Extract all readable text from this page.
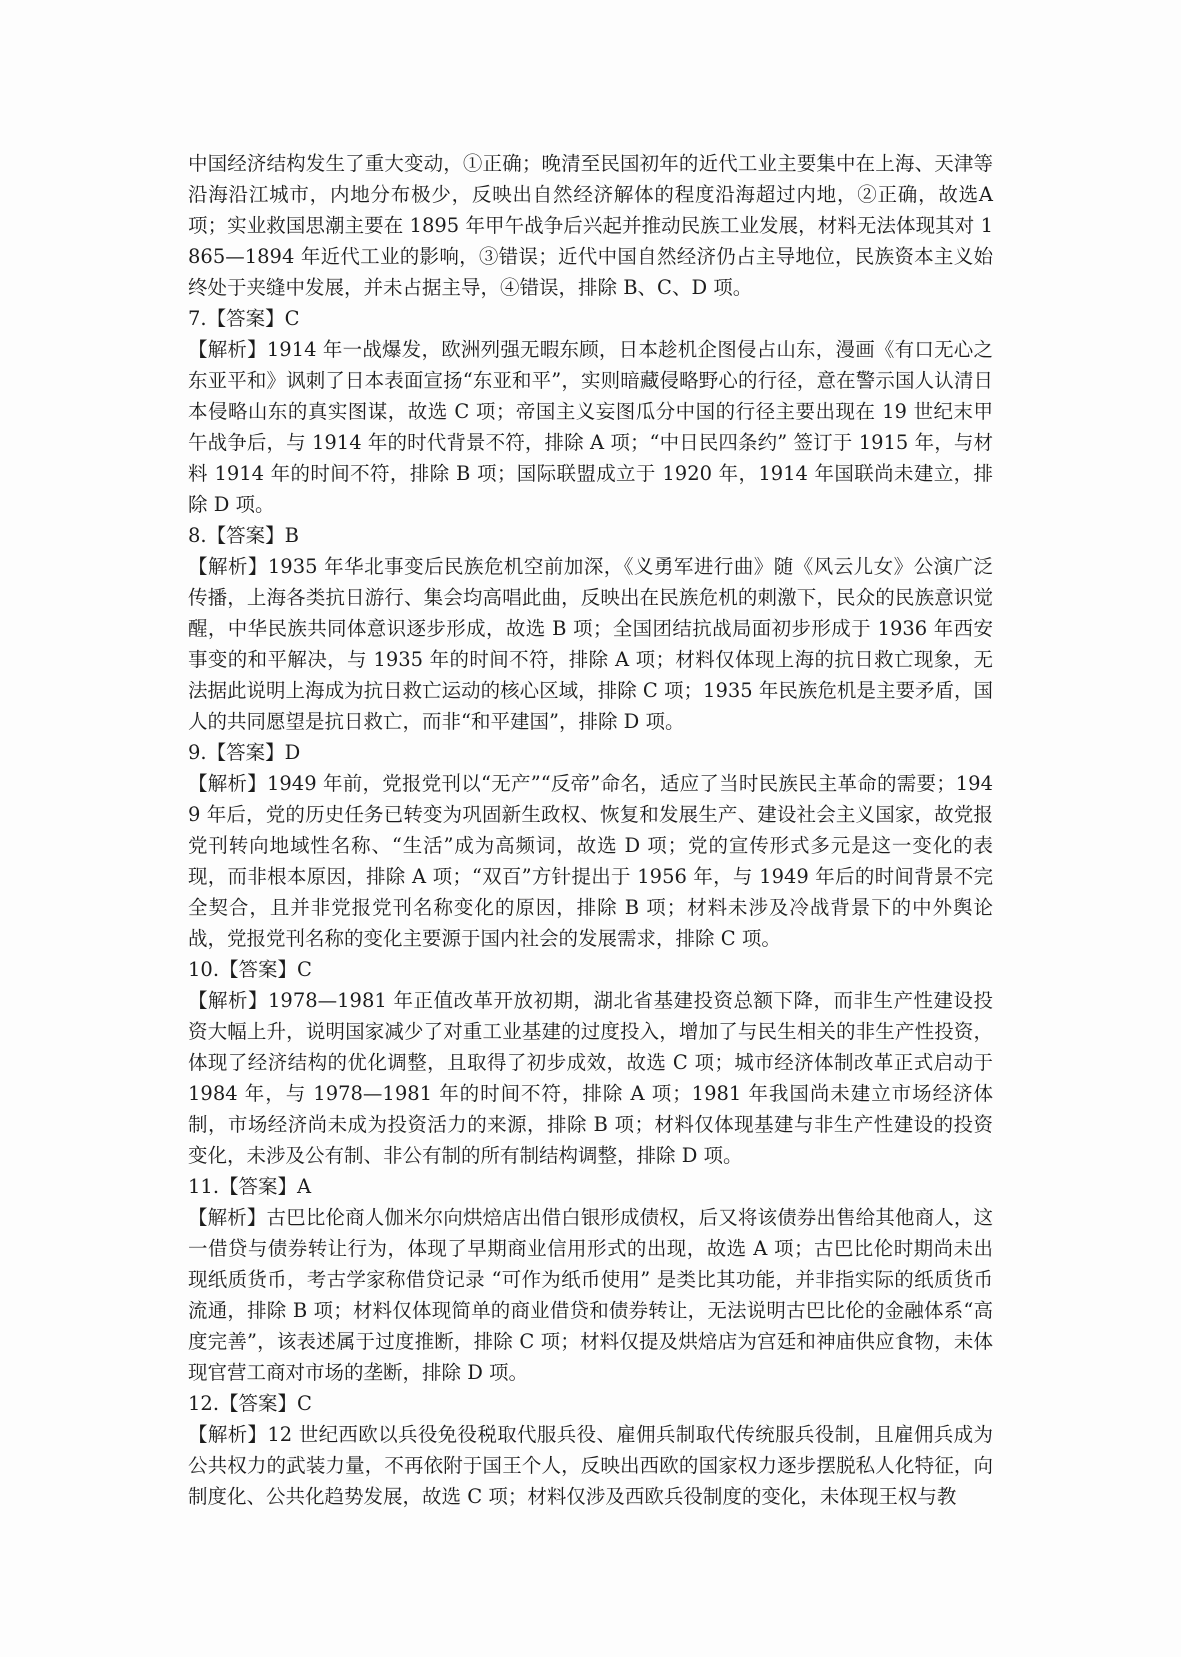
中国经济结构发生了重大变动，①正确；晚清至民国初年的近代工业主要集中在上海、天津等沿海沿江城市，内地分布极少，反映出自然经济解体的程度沿海超过内地，②正确，故选A 项；实业救国思潮主要在 1895 年甲午战争后兴起并推动民族工业发展，材料无法体现其对 1865—1894 年近代工业的影响，③错误；近代中国自然经济仍占主导地位，民族资本主义始终处于夹缝中发展，并未占据主导，④错误，排除 B、C、D 项。

7.【答案】C

【解析】1914 年一战爆发，欧洲列强无暇东顾，日本趁机企图侵占山东，漫画《有口无心之东亚平和》讽刺了日本表面宣扬“东亚和平”，实则暗藏侵略野心的行径，意在警示国人认清日本侵略山东的真实图谋，故选 C 项；帝国主义妄图瓜分中国的行径主要出现在 19 世纪末甲午战争后，与 1914 年的时代背景不符，排除 A 项；“中日民四条约” 签订于 1915 年，与材料 1914 年的时间不符，排除 B 项；国际联盟成立于 1920 年，1914 年国联尚未建立，排除 D 项。

8.【答案】B

【解析】1935 年华北事变后民族危机空前加深，《义勇军进行曲》随《风云儿女》公演广泛传播，上海各类抗日游行、集会均高唱此曲，反映出在民族危机的刺激下，民众的民族意识觉醒，中华民族共同体意识逐步形成，故选 B 项；全国团结抗战局面初步形成于 1936 年西安事变的和平解决，与 1935 年的时间不符，排除 A 项；材料仅体现上海的抗日救亡现象，无法据此说明上海成为抗日救亡运动的核心区域，排除 C 项；1935 年民族危机是主要矛盾，国人的共同愿望是抗日救亡，而非“和平建国”，排除 D 项。

9.【答案】D

【解析】1949 年前，党报党刊以“无产”“反帝”命名，适应了当时民族民主革命的需要；1949 年后，党的历史任务已转变为巩固新生政权、恢复和发展生产、建设社会主义国家，故党报党刊转向地域性名称、“生活”成为高频词，故选 D 项；党的宣传形式多元是这一变化的表现，而非根本原因，排除 A 项；“双百”方针提出于 1956 年，与 1949 年后的时间背景不完全契合，且并非党报党刊名称变化的原因，排除 B 项；材料未涉及冷战背景下的中外舆论战，党报党刊名称的变化主要源于国内社会的发展需求，排除 C 项。

10.【答案】C

【解析】1978—1981 年正值改革开放初期，湖北省基建投资总额下降，而非生产性建设投资大幅上升，说明国家减少了对重工业基建的过度投入，增加了与民生相关的非生产性投资，体现了经济结构的优化调整，且取得了初步成效，故选 C 项；城市经济体制改革正式启动于 1984 年，与 1978—1981 年的时间不符，排除 A 项；1981 年我国尚未建立市场经济体制，市场经济尚未成为投资活力的来源，排除 B 项；材料仅体现基建与非生产性建设的投资变化，未涉及公有制、非公有制的所有制结构调整，排除 D 项。

11.【答案】A

【解析】古巴比伦商人伽米尔向烘焙店出借白银形成债权，后又将该债券出售给其他商人，这一借贷与债券转让行为，体现了早期商业信用形式的出现，故选 A 项；古巴比伦时期尚未出现纸质货币，考古学家称借贷记录 “可作为纸币使用” 是类比其功能，并非指实际的纸质货币流通，排除 B 项；材料仅体现简单的商业借贷和债券转让，无法说明古巴比伦的金融体系“高度完善”，该表述属于过度推断，排除 C 项；材料仅提及烘焙店为宫廷和神庙供应食物，未体现官营工商对市场的垄断，排除 D 项。

12.【答案】C

【解析】12 世纪西欧以兵役免役税取代服兵役、雇佣兵制取代传统服兵役制，且雇佣兵成为公共权力的武装力量，不再依附于国王个人，反映出西欧的国家权力逐步摆脱私人化特征，向制度化、公共化趋势发展，故选 C 项；材料仅涉及西欧兵役制度的变化，未体现王权与教
